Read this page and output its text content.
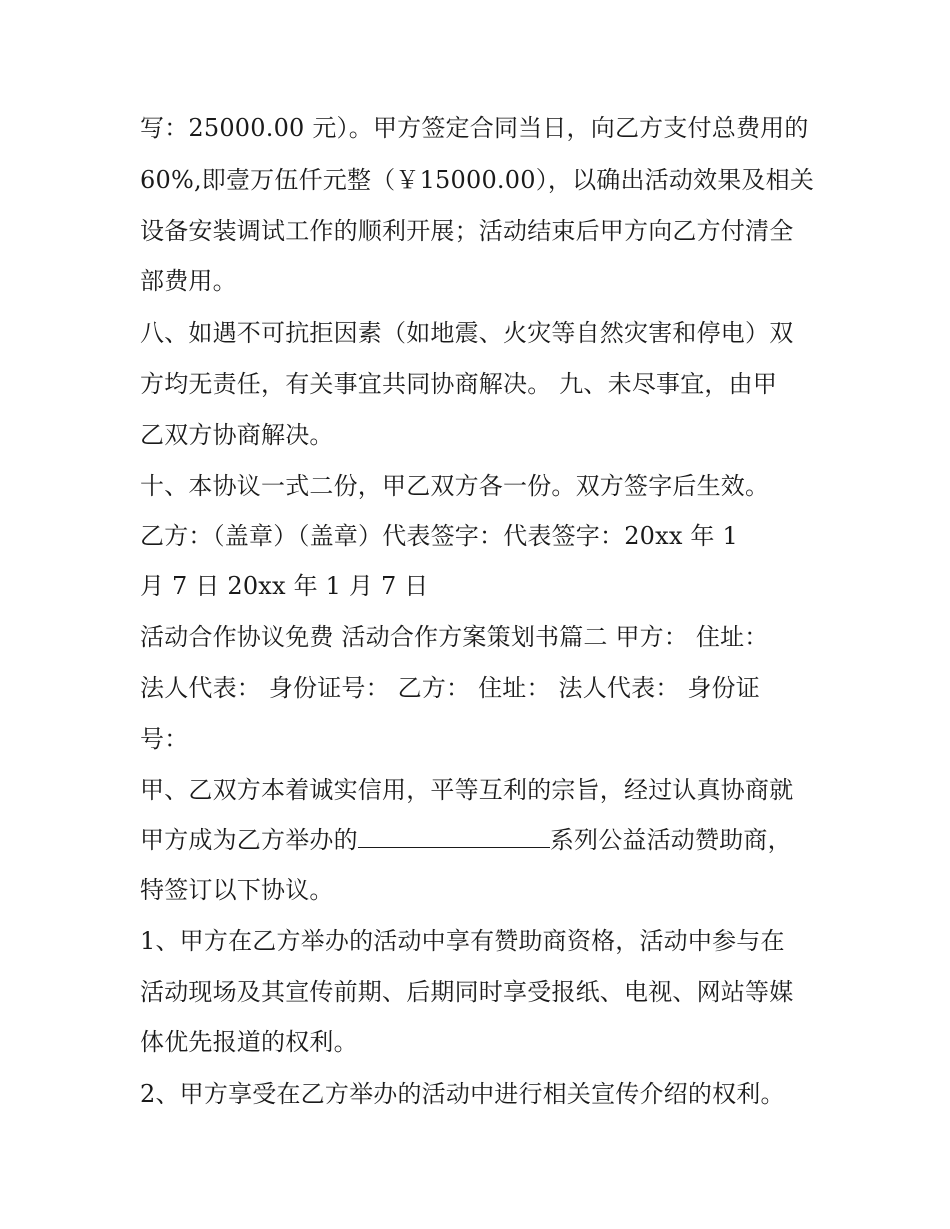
写：25000.00 元）。甲方签定合同当日，向乙方支付总费用的
60%,即壹万伍仟元整（￥15000.00），以确出活动效果及相关
设备安装调试工作的顺利开展；活动结束后甲方向乙方付清全
部费用。
八、如遇不可抗拒因素（如地震、火灾等自然灾害和停电）双
方均无责任，有关事宜共同协商解决。 九、未尽事宜，由甲
乙双方协商解决。
十、本协议一式二份，甲乙双方各一份。双方签字后生效。
乙方：（盖章）（盖章）代表签字：代表签字：20xx 年 1
月 7 日 20xx 年 1 月 7 日
活动合作协议免费 活动合作方案策划书篇二 甲方： 住址：
法人代表： 身份证号： 乙方： 住址： 法人代表： 身份证
号：
甲、乙双方本着诚实信用，平等互利的宗旨，经过认真协商就
甲方成为乙方举办的	系列公益活动赞助商，
特签订以下协议。
1、甲方在乙方举办的活动中享有赞助商资格，活动中参与在
活动现场及其宣传前期、后期同时享受报纸、电视、网站等媒
体优先报道的权利。
2、甲方享受在乙方举办的活动中进行相关宣传介绍的权利。
